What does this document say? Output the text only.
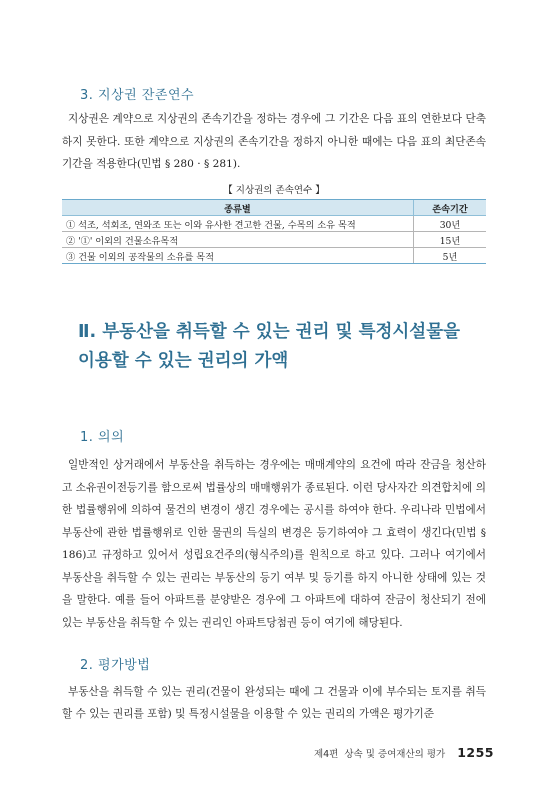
3. 지상권 잔존연수

지상권은 계약으로 지상권의 존속기간을 정하는 경우에 그 기간은 다음 표의 연한보다 단축하지 못한다. 또한 계약으로 지상권의 존속기간을 정하지 아니한 때에는 다음 표의 최단존속기간을 적용한다(민법 § 280 · § 281).

【 지상권의 존속연수 】
종류별	존속기간
① 석조, 석회조, 연와조 또는 이와 유사한 견고한 건물, 수목의 소유 목적	30년
② '①' 이외의 건물소유목적	15년
③ 건물 이외의 공작물의 소유를 목적	5년
Ⅱ. 부동산을 취득할 수 있는 권리 및 특정시설물을
이용할 수 있는 권리의 가액
1. 의의

일반적인 상거래에서 부동산을 취득하는 경우에는 매매계약의 요건에 따라 잔금을 청산하고 소유권이전등기를 함으로써 법률상의 매매행위가 종료된다. 이런 당사자간 의견합치에 의한 법률행위에 의하여 물건의 변경이 생긴 경우에는 공시를 하여야 한다. 우리나라 민법에서 부동산에 관한 법률행위로 인한 물권의 득실의 변경은 등기하여야 그 효력이 생긴다(민법 § 186)고 규정하고 있어서 성립요건주의(형식주의)를 원칙으로 하고 있다. 그러나 여기에서 부동산을 취득할 수 있는 권리는 부동산의 등기 여부 및 등기를 하지 아니한 상태에 있는 것을 말한다. 예를 들어 아파트를 분양받은 경우에 그 아파트에 대하여 잔금이 청산되기 전에 있는 부동산을 취득할 수 있는 권리인 아파트당첨권 등이 여기에 해당된다.

2. 평가방법

부동산을 취득할 수 있는 권리(건물이 완성되는 때에 그 건물과 이에 부수되는 토지를 취득할 수 있는 권리를 포함) 및 특정시설물을 이용할 수 있는 권리의 가액은 평가기준

제4편 상속 및 증여재산의 평가 1255
